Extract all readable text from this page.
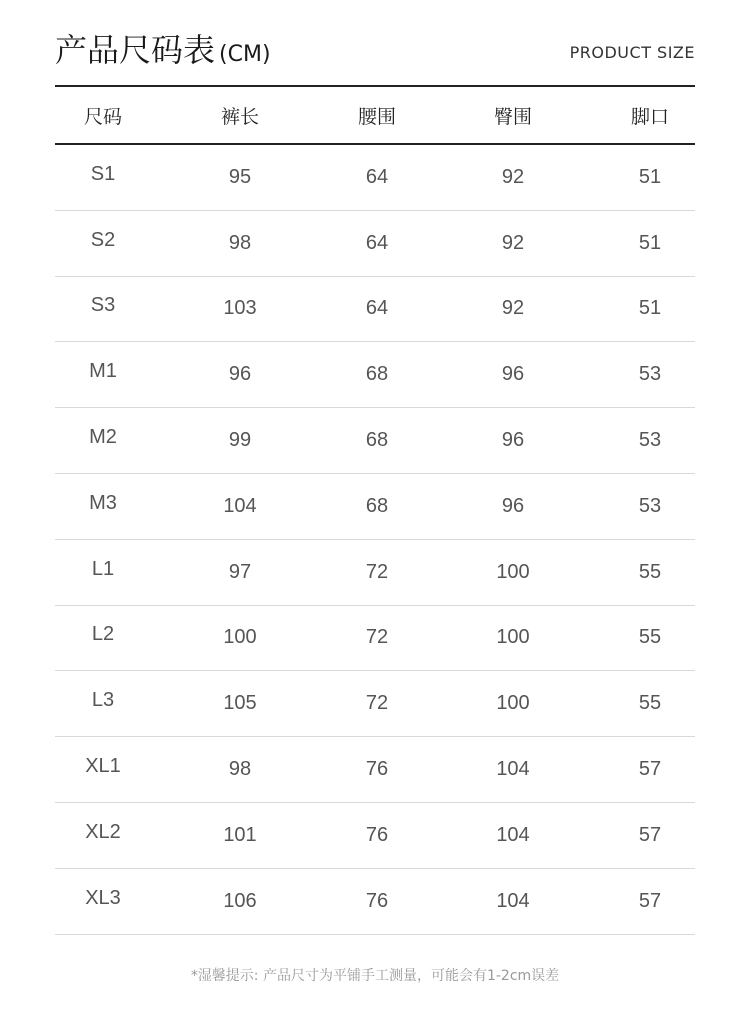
产品尺码表 (CM)	PRODUCT SIZE
尺码	裤长	腰围	臀围	脚口
S1	95	64	92	51
S2	98	64	92	51
S3	103	64	92	51
M1	96	68	96	53
M2	99	68	96	53
M3	104	68	96	53
L1	97	72	100	55
L2	100	72	100	55
L3	105	72	100	55
XL1	98	76	104	57
XL2	101	76	104	57
XL3	106	76	104	57
*湿馨提示: 产品尺寸为平铺手工测量，可能会有1-2cm误差
